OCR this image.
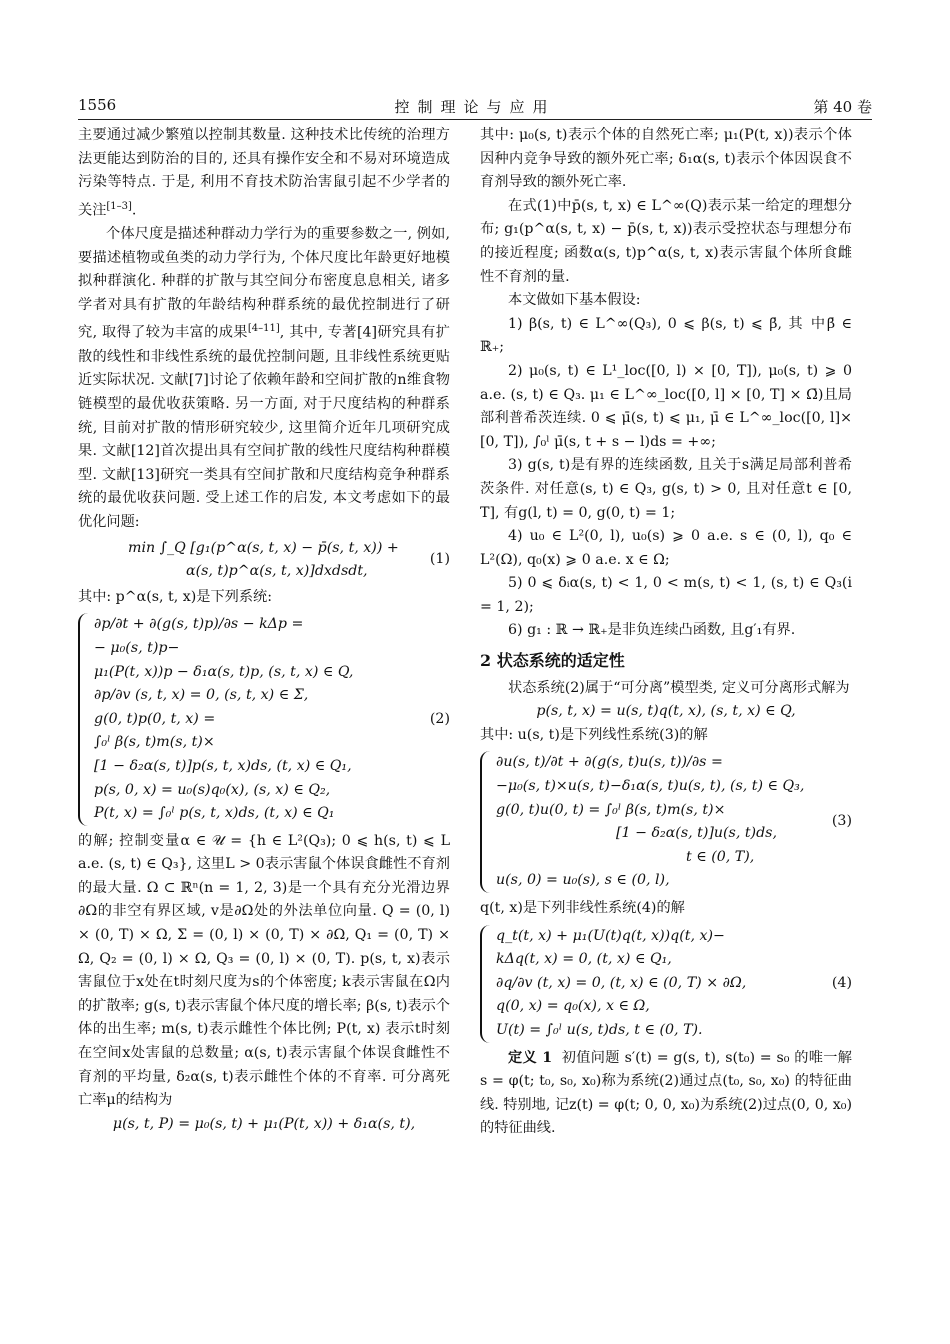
1556	控制理论与应用	第 40 卷

主要通过减少繁殖以控制其数量. 这种技术比传统的治理方法更能达到防治的目的, 还具有操作安全和不易对环境造成污染等特点. 于是, 利用不育技术防治害鼠引起不少学者的关注[1–3].

个体尺度是描述种群动力学行为的重要参数之一, 例如, 要描述植物或鱼类的动力学行为, 个体尺度比年龄更好地模拟种群演化. 种群的扩散与其空间分布密度息息相关, 诸多学者对具有扩散的年龄结构种群系统的最优控制进行了研究, 取得了较为丰富的成果[4–11], 其中, 专著[4]研究具有扩散的线性和非线性系统的最优控制问题, 且非线性系统更贴近实际状况. 文献[7]讨论了依赖年龄和空间扩散的n维食物链模型的最优收获策略. 另一方面, 对于尺度结构的种群系统, 目前对扩散的情形研究较少, 这里简介近年几项研究成果. 文献[12]首次提出具有空间扩散的线性尺度结构种群模型. 文献[13]研究一类具有空间扩散和尺度结构竞争种群系统的最优收获问题. 受上述工作的启发, 本文考虑如下的最优化问题:

min ∫_Q [g₁(p^α(s, t, x) − p̄(s, t, x)) +
α(s, t)p^α(s, t, x)]dxdsdt,
(1)

其中: p^α(s, t, x)是下列系统:

∂p/∂t + ∂(g(s, t)p)/∂s − kΔp =
− μ₀(s, t)p−
μ₁(P(t, x))p − δ₁α(s, t)p, (s, t, x) ∈ Q,
∂p/∂v (s, t, x) = 0, (s, t, x) ∈ Σ,
g(0, t)p(0, t, x) =
∫₀ˡ β(s, t)m(s, t)×
[1 − δ₂α(s, t)]p(s, t, x)ds, (t, x) ∈ Q₁,
p(s, 0, x) = u₀(s)q₀(x), (s, x) ∈ Q₂,
P(t, x) = ∫₀ˡ p(s, t, x)ds, (t, x) ∈ Q₁
(2)

的解; 控制变量α ∈ 𝒰 = {h ∈ L²(Q₃); 0 ⩽ h(s, t) ⩽ L a.e. (s, t) ∈ Q₃}, 这里L > 0表示害鼠个体误食雌性不育剂的最大量. Ω ⊂ ℝⁿ(n = 1, 2, 3)是一个具有充分光滑边界∂Ω的非空有界区域, v是∂Ω处的外法单位向量. Q = (0, l) × (0, T) × Ω, Σ = (0, l) × (0, T) × ∂Ω, Q₁ = (0, T) × Ω, Q₂ = (0, l) × Ω, Q₃ = (0, l) × (0, T). p(s, t, x)表示害鼠位于x处在t时刻尺度为s的个体密度; k表示害鼠在Ω内的扩散率; g(s, t)表示害鼠个体尺度的增长率; β(s, t)表示个体的出生率; m(s, t)表示雌性个体比例; P(t, x) 表示t时刻在空间x处害鼠的总数量; α(s, t)表示害鼠个体误食雌性不育剂的平均量, δ₂α(s, t)表示雌性个体的不育率. 可分离死亡率μ的结构为

μ(s, t, P) = μ₀(s, t) + μ₁(P(t, x)) + δ₁α(s, t),

其中: μ₀(s, t)表示个体的自然死亡率; μ₁(P(t, x))表示个体因种内竞争导致的额外死亡率; δ₁α(s, t)表示个体因误食不育剂导致的额外死亡率.

在式(1)中p̄(s, t, x) ∈ L^∞(Q)表示某一给定的理想分布; g₁(p^α(s, t, x) − p̄(s, t, x))表示受控状态与理想分布的接近程度; 函数α(s, t)p^α(s, t, x)表示害鼠个体所食雌性不育剂的量.

本文做如下基本假设:

1) β(s, t) ∈ L^∞(Q₃), 0 ⩽ β(s, t) ⩽ β̄, 其 中β̄ ∈ ℝ₊;

2) μ₀(s, t) ∈ L¹_loc([0, l) × [0, T]), μ₀(s, t) ⩾ 0 a.e. (s, t) ∈ Q₃. μ₁ ∈ L^∞_loc([0, l] × [0, T] × Ω̄)且局部利普希茨连续. 0 ⩽ μ̄(s, t) ⩽ μ₁, μ̄ ∈ L^∞_loc([0, l]× [0, T]), ∫₀ˡ μ̄(s, t + s − l)ds = +∞;

3) g(s, t)是有界的连续函数, 且关于s满足局部利普希茨条件. 对任意(s, t) ∈ Q₃, g(s, t) > 0, 且对任意t ∈ [0, T], 有g(l, t) = 0, g(0, t) = 1;

4) u₀ ∈ L²(0, l), u₀(s) ⩾ 0 a.e. s ∈ (0, l), q₀ ∈ L²(Ω), q₀(x) ⩾ 0 a.e. x ∈ Ω;

5) 0 ⩽ δᵢα(s, t) < 1, 0 < m(s, t) < 1, (s, t) ∈ Q₃(i = 1, 2);

6) g₁ : ℝ → ℝ₊是非负连续凸函数, 且g′₁有界.

2 状态系统的适定性

状态系统(2)属于“可分离”模型类, 定义可分离形式解为

p(s, t, x) = u(s, t)q(t, x), (s, t, x) ∈ Q,

其中: u(s, t)是下列线性系统(3)的解

∂u(s, t)/∂t + ∂(g(s, t)u(s, t))/∂s =
−μ₀(s, t)×u(s, t)−δ₁α(s, t)u(s, t), (s, t) ∈ Q₃,
g(0, t)u(0, t) = ∫₀ˡ β(s, t)m(s, t)×
[1 − δ₂α(s, t)]u(s, t)ds,
t ∈ (0, T),
u(s, 0) = u₀(s), s ∈ (0, l),
(3)

q(t, x)是下列非线性系统(4)的解

q_t(t, x) + μ₁(U(t)q(t, x))q(t, x)−
kΔq(t, x) = 0, (t, x) ∈ Q₁,
∂q/∂v (t, x) = 0, (t, x) ∈ (0, T) × ∂Ω,
q(0, x) = q₀(x), x ∈ Ω,
U(t) = ∫₀ˡ u(s, t)ds, t ∈ (0, T).
(4)

定义 1 初值问题 s′(t) = g(s, t), s(t₀) = s₀ 的唯一解s = φ(t; t₀, s₀, x₀)称为系统(2)通过点(t₀, s₀, x₀) 的特征曲线. 特别地, 记z(t) = φ(t; 0, 0, x₀)为系统(2)过点(0, 0, x₀)的特征曲线.
